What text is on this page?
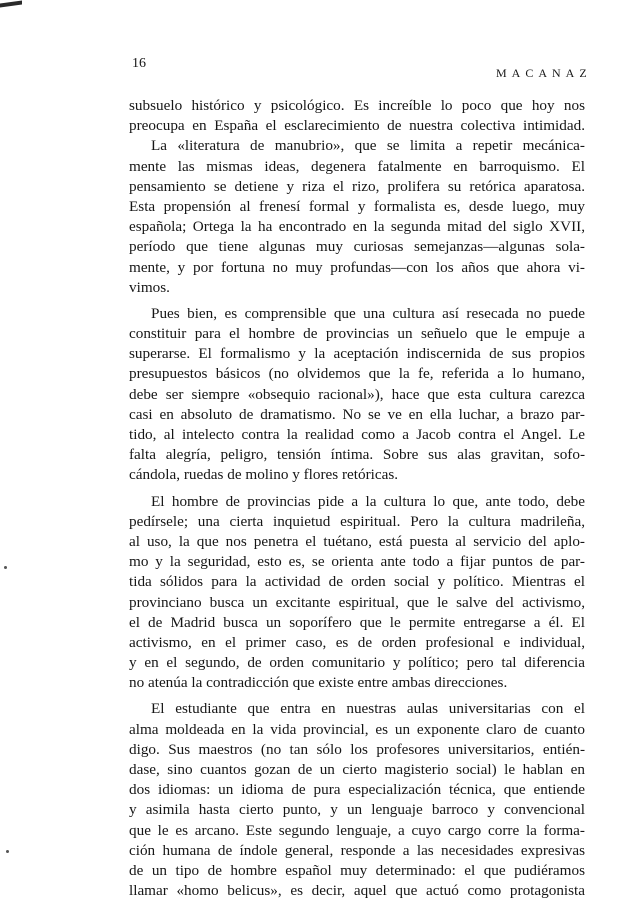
16
MACANAZ
subsuelo histórico y psicológico. Es increíble lo poco que hoy nos
preocupa en España el esclarecimiento de nuestra colectiva intimidad.
La «literatura de manubrio», que se limita a repetir mecánica-
mente las mismas ideas, degenera fatalmente en barroquismo. El
pensamiento se detiene y riza el rizo, prolifera su retórica aparatosa.
Esta propensión al frenesí formal y formalista es, desde luego, muy
española; Ortega la ha encontrado en la segunda mitad del siglo XVII,
período que tiene algunas muy curiosas semejanzas—algunas sola-
mente, y por fortuna no muy profundas—con los años que ahora vi-
vimos.
Pues bien, es comprensible que una cultura así resecada no puede
constituir para el hombre de provincias un señuelo que le empuje a
superarse. El formalismo y la aceptación indiscernida de sus propios
presupuestos básicos (no olvidemos que la fe, referida a lo humano,
debe ser siempre «obsequio racional»), hace que esta cultura carezca
casi en absoluto de dramatismo. No se ve en ella luchar, a brazo par-
tido, al intelecto contra la realidad como a Jacob contra el Angel. Le
falta alegría, peligro, tensión íntima. Sobre sus alas gravitan, sofo-
cándola, ruedas de molino y flores retóricas.
El hombre de provincias pide a la cultura lo que, ante todo, debe
pedírsele; una cierta inquietud espiritual. Pero la cultura madrileña,
al uso, la que nos penetra el tuétano, está puesta al servicio del aplo-
mo y la seguridad, esto es, se orienta ante todo a fijar puntos de par-
tida sólidos para la actividad de orden social y político. Mientras el
provinciano busca un excitante espiritual, que le salve del activismo,
el de Madrid busca un soporífero que le permite entregarse a él. El
activismo, en el primer caso, es de orden profesional e individual,
y en el segundo, de orden comunitario y político; pero tal diferencia
no atenúa la contradicción que existe entre ambas direcciones.
El estudiante que entra en nuestras aulas universitarias con el
alma moldeada en la vida provincial, es un exponente claro de cuanto
digo. Sus maestros (no tan sólo los profesores universitarios, entién-
dase, sino cuantos gozan de un cierto magisterio social) le hablan en
dos idiomas: un idioma de pura especialización técnica, que entiende
y asimila hasta cierto punto, y un lenguaje barroco y convencional
que le es arcano. Este segundo lenguaje, a cuyo cargo corre la forma-
ción humana de índole general, responde a las necesidades expresivas
de un tipo de hombre español muy determinado: el que pudiéramos
llamar «homo belicus», es decir, aquel que actuó como protagonista
